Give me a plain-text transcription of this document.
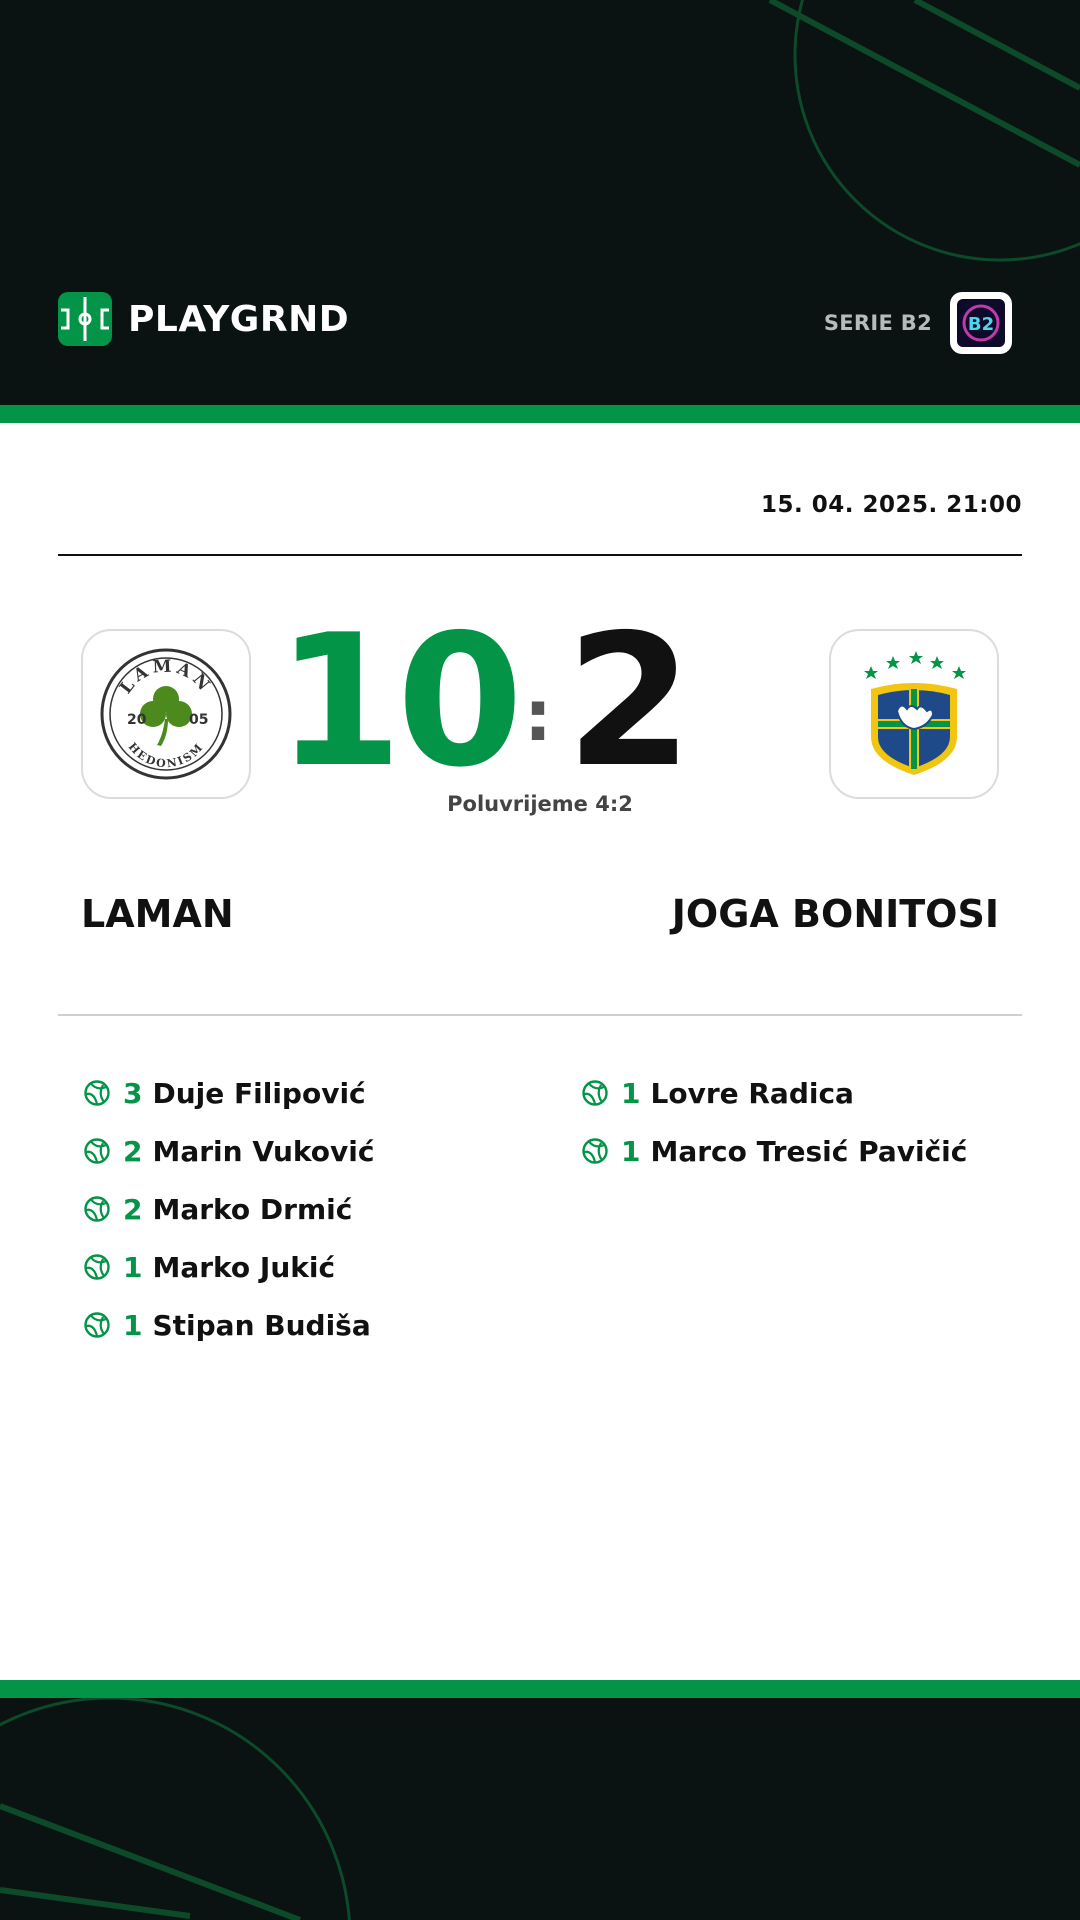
PLAYGRND	SERIE B2 B2
15. 04. 2025. 21:00
LAMAN
HEDONISM
20	05 10 : 2
Poluvrijeme 4:2
LAMAN	JOGA BONITOSI
3 Duje Filipović
2 Marin Vuković
2 Marko Drmić
1 Marko Jukić
1 Stipan Budiša
1 Lovre Radica
1 Marco Tresić Pavičić
